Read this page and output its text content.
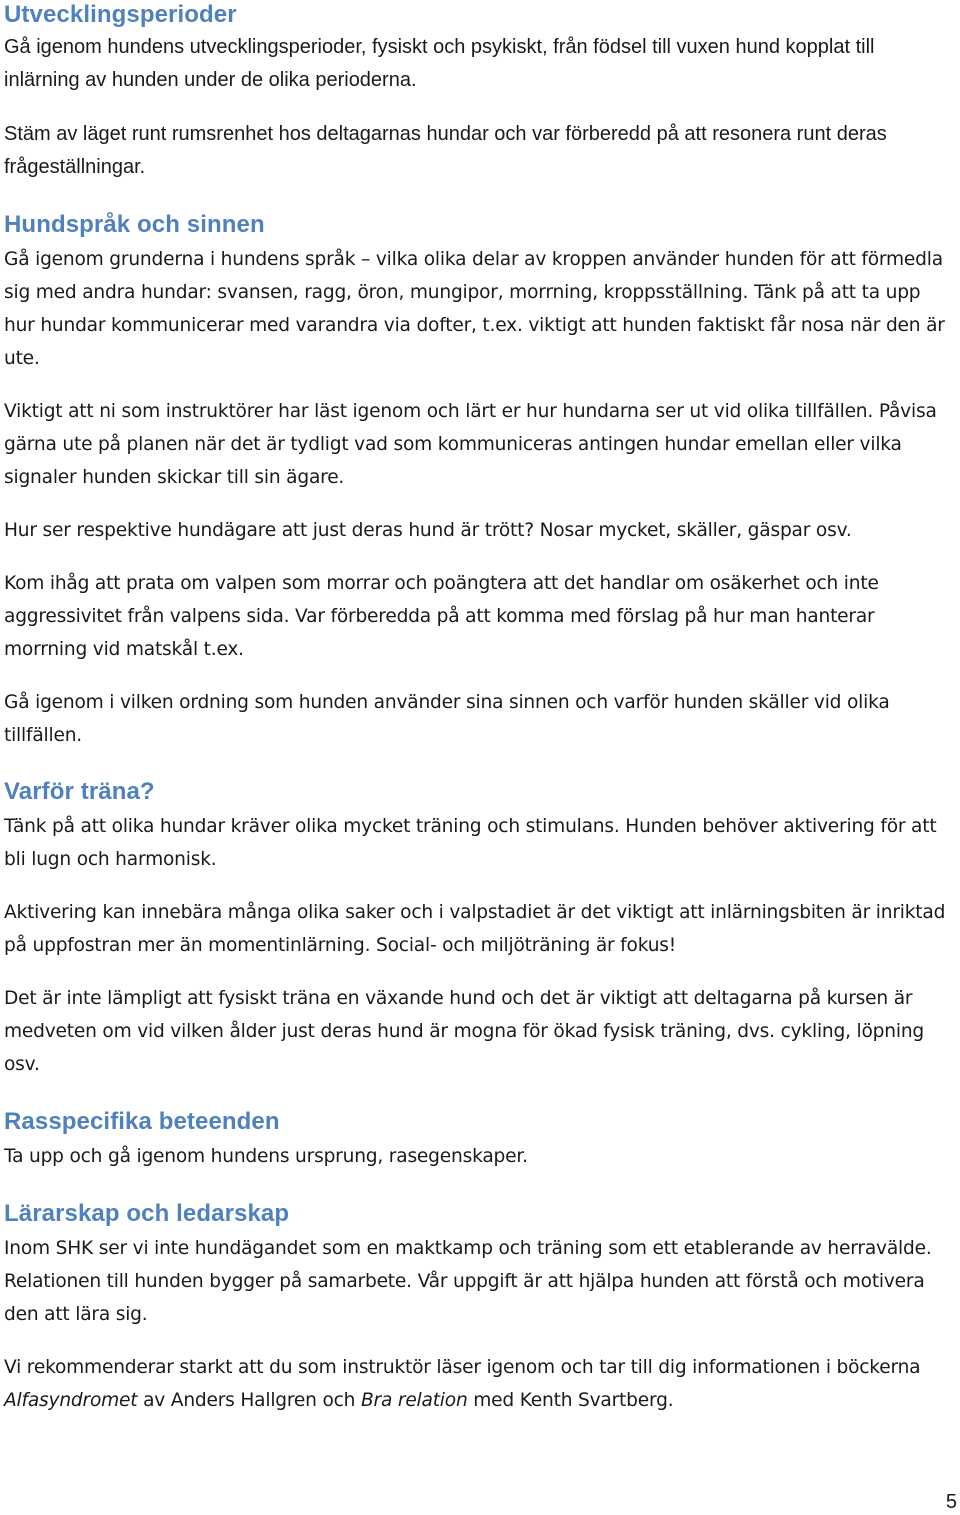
Utvecklingsperioder

Gå igenom hundens utvecklingsperioder, fysiskt och psykiskt, från födsel till vuxen hund kopplat till inlärning av hunden under de olika perioderna.

Stäm av läget runt rumsrenhet hos deltagarnas hundar och var förberedd på att resonera runt deras frågeställningar.

Hundspråk och sinnen

Gå igenom grunderna i hundens språk – vilka olika delar av kroppen använder hunden för att förmedla sig med andra hundar: svansen, ragg, öron, mungipor, morrning, kroppsställning. Tänk på att ta upp hur hundar kommunicerar med varandra via dofter, t.ex. viktigt att hunden faktiskt får nosa när den är ute.

Viktigt att ni som instruktörer har läst igenom och lärt er hur hundarna ser ut vid olika tillfällen. Påvisa gärna ute på planen när det är tydligt vad som kommuniceras antingen hundar emellan eller vilka signaler hunden skickar till sin ägare.

Hur ser respektive hundägare att just deras hund är trött? Nosar mycket, skäller, gäspar osv.

Kom ihåg att prata om valpen som morrar och poängtera att det handlar om osäkerhet och inte aggressivitet från valpens sida. Var förberedda på att komma med förslag på hur man hanterar morrning vid matskål t.ex.

Gå igenom i vilken ordning som hunden använder sina sinnen och varför hunden skäller vid olika tillfällen.

Varför träna?

Tänk på att olika hundar kräver olika mycket träning och stimulans. Hunden behöver aktivering för att bli lugn och harmonisk.

Aktivering kan innebära många olika saker och i valpstadiet är det viktigt att inlärningsbiten är inriktad på uppfostran mer än momentinlärning. Social- och miljöträning är fokus!

Det är inte lämpligt att fysiskt träna en växande hund och det är viktigt att deltagarna på kursen är medveten om vid vilken ålder just deras hund är mogna för ökad fysisk träning, dvs. cykling, löpning osv.

Rasspecifika beteenden

Ta upp och gå igenom hundens ursprung, rasegenskaper.

Lärarskap och ledarskap

Inom SHK ser vi inte hundägandet som en maktkamp och träning som ett etablerande av herravälde. Relationen till hunden bygger på samarbete. Vår uppgift är att hjälpa hunden att förstå och motivera den att lära sig.

Vi rekommenderar starkt att du som instruktör läser igenom och tar till dig informationen i böckerna Alfasyndromet av Anders Hallgren och Bra relation med Kenth Svartberg.

5
